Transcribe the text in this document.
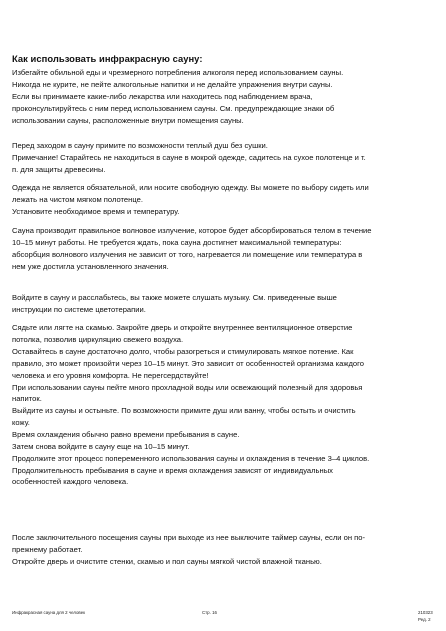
Как использовать инфракрасную сауну:
Избегайте обильной еды и чрезмерного потребления алкоголя перед использованием сауны.
Никогда не курите, не пейте алкогольные напитки и не делайте упражнения внутри сауны.
Если вы принимаете какие-либо лекарства или находитесь под наблюдением врача,
проконсультируйтесь с ним перед использованием сауны. См. предупреждающие знаки об
использовании сауны, расположенные внутри помещения сауны.
Перед заходом в сауну примите по возможности теплый душ без сушки.
Примечание! Старайтесь не находиться в сауне в мокрой одежде, садитесь на сухое полотенце и т.
п. для защиты древесины.
Одежда не является обязательной, или носите свободную одежду. Вы можете по выбору сидеть или
лежать на чистом мягком полотенце.
Установите необходимое время и температуру.
Сауна производит правильное волновое излучение, которое будет абсорбироваться телом в течение
10–15 минут работы. Не требуется ждать, пока сауна достигнет максимальной температуры:
абсорбция волнового излучения не зависит от того, нагревается ли помещение или температура в
нем уже достигла установленного значения.
Войдите в сауну и расслабьтесь, вы также можете слушать музыку. См. приведенные выше
инструкции по системе цветотерапии.
Сядьте или лягте на скамью. Закройте дверь и откройте внутреннее вентиляционное отверстие
потолка, позволив циркуляцию свежего воздуха.
Оставайтесь в сауне достаточно долго, чтобы разогреться и стимулировать мягкое потение. Как
правило, это может произойти через 10–15 минут. Это зависит от особенностей организма каждого
человека и его уровня комфорта. Не перегсердствуйте!
При использовании сауны пейте много прохладной воды или освежающий полезный для здоровья
напиток.
Выйдите из сауны и остыньте. По возможности примите душ или ванну, чтобы остыть и очистить
кожу.
Время охлаждения обычно равно времени пребывания в сауне.
Затем снова войдите в сауну еще на 10–15 минут.
Продолжите этот процесс попеременного использования сауны и охлаждения в течение 3–4 циклов.
Продолжительность пребывания в сауне и время охлаждения зависят от индивидуальных
особенностей каждого человека.
После заключительного посещения сауны при выходе из нее выключите таймер сауны, если он по-
прежнему работает.
Откройте дверь и очистите стенки, скамью и пол сауны мягкой чистой влажной тканью.
Инфракрасная сауна для 2 человек	Стр. 16	210323
Ред. 2
